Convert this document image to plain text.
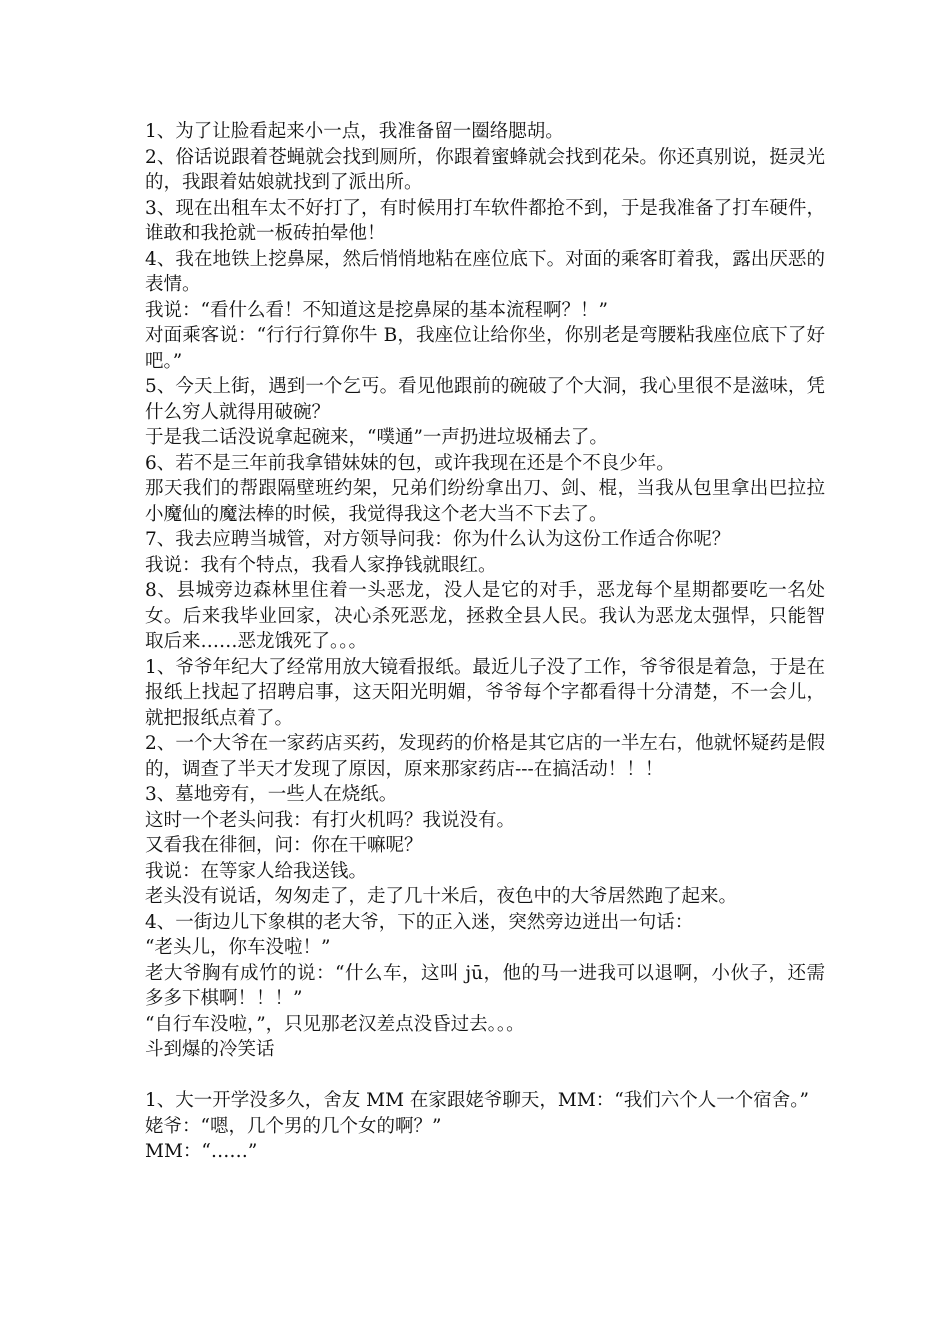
1、为了让脸看起来小一点，我准备留一圈络腮胡。

2、俗话说跟着苍蝇就会找到厕所，你跟着蜜蜂就会找到花朵。你还真别说，挺灵光的，我跟着姑娘就找到了派出所。

3、现在出租车太不好打了，有时候用打车软件都抢不到，于是我准备了打车硬件，谁敢和我抢就一板砖拍晕他！

4、我在地铁上挖鼻屎，然后悄悄地粘在座位底下。对面的乘客盯着我，露出厌恶的表情。

我说：“看什么看！不知道这是挖鼻屎的基本流程啊？！”

对面乘客说：“行行行算你牛 B，我座位让给你坐，你别老是弯腰粘我座位底下了好吧。”

5、今天上街，遇到一个乞丐。看见他跟前的碗破了个大洞，我心里很不是滋味，凭什么穷人就得用破碗？

于是我二话没说拿起碗来，“噗通”一声扔进垃圾桶去了。

6、若不是三年前我拿错妹妹的包，或许我现在还是个不良少年。

那天我们的帮跟隔壁班约架，兄弟们纷纷拿出刀、剑、棍，当我从包里拿出巴拉拉小魔仙的魔法棒的时候，我觉得我这个老大当不下去了。

7、我去应聘当城管，对方领导问我：你为什么认为这份工作适合你呢？

我说：我有个特点，我看人家挣钱就眼红。

8、县城旁边森林里住着一头恶龙，没人是它的对手，恶龙每个星期都要吃一名处女。后来我毕业回家，决心杀死恶龙，拯救全县人民。我认为恶龙太强悍，只能智取后来……恶龙饿死了。。。

1、爷爷年纪大了经常用放大镜看报纸。最近儿子没了工作，爷爷很是着急，于是在报纸上找起了招聘启事，这天阳光明媚，爷爷每个字都看得十分清楚，不一会儿，就把报纸点着了。

2、一个大爷在一家药店买药，发现药的价格是其它店的一半左右，他就怀疑药是假的，调查了半天才发现了原因，原来那家药店---在搞活动！！！

3、墓地旁有，一些人在烧纸。

这时一个老头问我：有打火机吗？我说没有。

又看我在徘徊，问：你在干嘛呢？

我说：在等家人给我送钱。

老头没有说话，匆匆走了，走了几十米后，夜色中的大爷居然跑了起来。

4、一街边儿下象棋的老大爷，下的正入迷，突然旁边迸出一句话：

“老头儿，你车没啦！”

老大爷胸有成竹的说：“什么车，这叫 jū，他的马一进我可以退啊，小伙子，还需多多下棋啊！！！”

“自行车没啦，”，只见那老汉差点没昏过去。。。

斗到爆的冷笑话

1、大一开学没多久，舍友 MM 在家跟姥爷聊天，MM：“我们六个人一个宿舍。”

姥爷：“嗯，几个男的几个女的啊？”

MM：“……”
